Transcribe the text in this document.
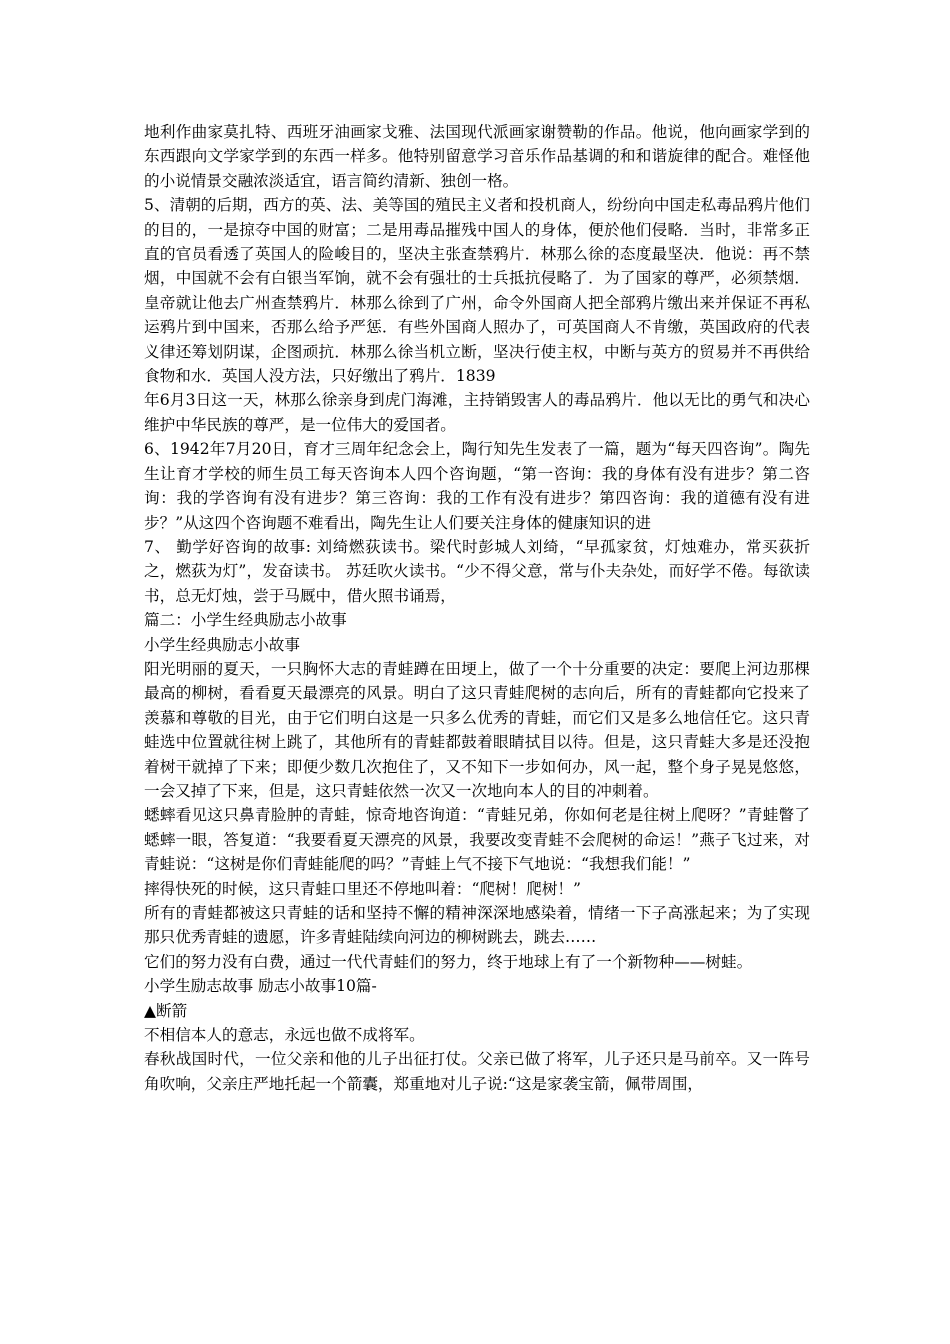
地利作曲家莫扎特、西班牙油画家戈雅、法国现代派画家谢赞勒的作品。他说，他向画家学到的东西跟向文学家学到的东西一样多。他特别留意学习音乐作品基调的和和谐旋律的配合。难怪他的小说情景交融浓淡适宜，语言简约清新、独创一格。

5、清朝的后期，西方的英、法、美等国的殖民主义者和投机商人，纷纷向中国走私毒品鸦片他们的目的，一是掠夺中国的财富；二是用毒品摧残中国人的身体，便於他们侵略．当时，非常多正直的官员看透了英国人的险峻目的，坚决主张查禁鸦片．林那么徐的态度最坚决．他说：再不禁烟，中国就不会有白银当军饷，就不会有强壮的士兵抵抗侵略了．为了国家的尊严，必须禁烟．皇帝就让他去广州查禁鸦片．林那么徐到了广州，命令外国商人把全部鸦片缴出来并保证不再私运鸦片到中国来，否那么给予严惩．有些外国商人照办了，可英国商人不肯缴，英国政府的代表义律还筹划阴谋，企图顽抗．林那么徐当机立断，坚决行使主权，中断与英方的贸易并不再供给食物和水．英国人没方法，只好缴出了鸦片．1839

年6月3日这一天，林那么徐亲身到虎门海滩，主持销毁害人的毒品鸦片．他以无比的勇气和决心维护中华民族的尊严，是一位伟大的爱国者。

6、1942年7月20日，育才三周年纪念会上，陶行知先生发表了一篇，题为“每天四咨询”。陶先生让育才学校的师生员工每天咨询本人四个咨询题，“第一咨询：我的身体有没有进步？第二咨询：我的学咨询有没有进步？第三咨询：我的工作有没有进步？第四咨询：我的道德有没有进步？”从这四个咨询题不难看出，陶先生让人们要关注身体的健康知识的进

7、 勤学好咨询的故事: 刘绮燃荻读书。梁代时彭城人刘绮，“早孤家贫，灯烛难办，常买荻折之，燃荻为灯”，发奋读书。 苏廷吹火读书。“少不得父意，常与仆夫杂处，而好学不倦。每欲读书，总无灯烛，尝于马厩中，借火照书诵焉，

篇二：小学生经典励志小故事

小学生经典励志小故事

阳光明丽的夏天，一只胸怀大志的青蛙蹲在田埂上，做了一个十分重要的决定：要爬上河边那棵最高的柳树，看看夏天最漂亮的风景。明白了这只青蛙爬树的志向后，所有的青蛙都向它投来了羡慕和尊敬的目光，由于它们明白这是一只多么优秀的青蛙，而它们又是多么地信任它。这只青蛙选中位置就往树上跳了，其他所有的青蛙都鼓着眼睛拭目以待。但是，这只青蛙大多是还没抱着树干就掉了下来；即便少数几次抱住了，又不知下一步如何办，风一起，整个身子晃晃悠悠，一会又掉了下来，但是，这只青蛙依然一次又一次地向本人的目的冲刺着。

蟋蟀看见这只鼻青脸肿的青蛙，惊奇地咨询道：“青蛙兄弟，你如何老是往树上爬呀？”青蛙瞥了蟋蟀一眼，答复道：“我要看夏天漂亮的风景，我要改变青蛙不会爬树的命运！”燕子飞过来，对青蛙说：“这树是你们青蛙能爬的吗？”青蛙上气不接下气地说：“我想我们能！”

摔得快死的时候，这只青蛙口里还不停地叫着：“爬树！爬树！”

所有的青蛙都被这只青蛙的话和坚持不懈的精神深深地感染着，情绪一下子高涨起来；为了实现那只优秀青蛙的遗愿，许多青蛙陆续向河边的柳树跳去，跳去……

它们的努力没有白费，通过一代代青蛙们的努力，终于地球上有了一个新物种——树蛙。

小学生励志故事 励志小故事10篇-

▲断箭

不相信本人的意志，永远也做不成将军。

春秋战国时代，一位父亲和他的儿子出征打仗。父亲已做了将军，儿子还只是马前卒。又一阵号角吹响，父亲庄严地托起一个箭囊，郑重地对儿子说:“这是家袭宝箭，佩带周围，
